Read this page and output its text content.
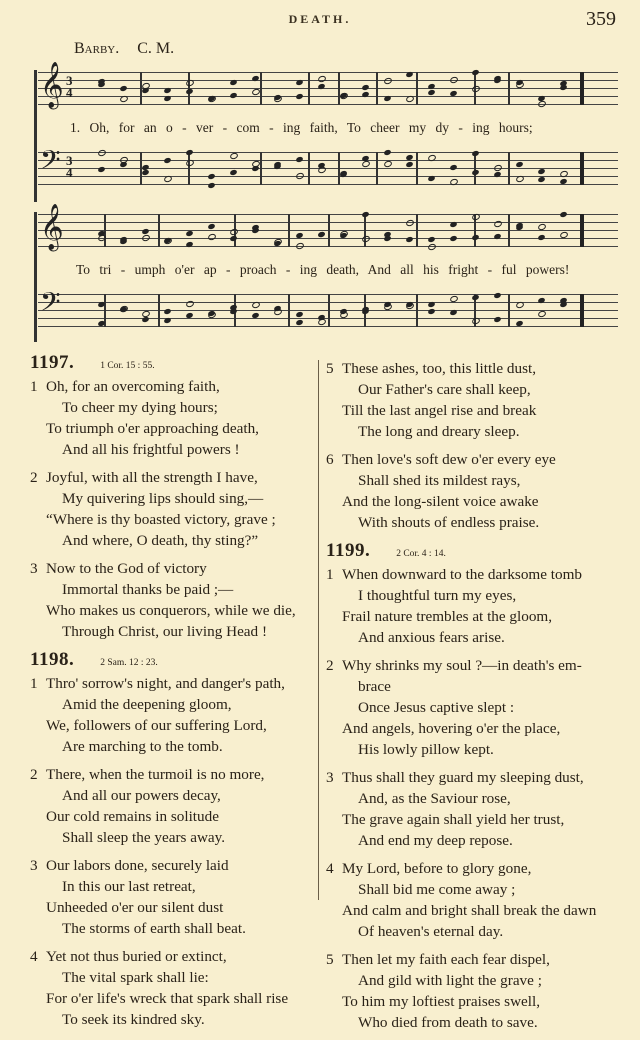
DEATH.	359
Barby. C. M.
𝄞 3
4
1. Oh, for an o - ver - com - ing faith, To cheer my dy - ing hours;
𝄢 3
4
𝄞
To tri - umph o'er ap - proach - ing death, And all his fright - ful powers!
𝄢
1197.	1 Cor. 15 : 55.
1 Oh, for an overcoming faith,
To cheer my dying hours;
To triumph o'er approaching death,
And all his frightful powers !
2 Joyful, with all the strength I have,
My quivering lips should sing,—
“Where is thy boasted victory, grave ;
And where, O death, thy sting?”
3 Now to the God of victory
Immortal thanks be paid ;—
Who makes us conquerors, while we die,
Through Christ, our living Head !
1198.	2 Sam. 12 : 23.
1 Thro' sorrow's night, and danger's path,
Amid the deepening gloom,
We, followers of our suffering Lord,
Are marching to the tomb.
2 There, when the turmoil is no more,
And all our powers decay,
Our cold remains in solitude
Shall sleep the years away.
3 Our labors done, securely laid
In this our last retreat,
Unheeded o'er our silent dust
The storms of earth shall beat.
4 Yet not thus buried or extinct,
The vital spark shall lie:
For o'er life's wreck that spark shall rise
To seek its kindred sky.
5 These ashes, too, this little dust,
Our Father's care shall keep,
Till the last angel rise and break
The long and dreary sleep.
6 Then love's soft dew o'er every eye
Shall shed its mildest rays,
And the long-silent voice awake
With shouts of endless praise.
1199.	2 Cor. 4 : 14.
1 When downward to the darksome tomb
I thoughtful turn my eyes,
Frail nature trembles at the gloom,
And anxious fears arise.
2 Why shrinks my soul ?—in death's em-
brace
Once Jesus captive slept :
And angels, hovering o'er the place,
His lowly pillow kept.
3 Thus shall they guard my sleeping dust,
And, as the Saviour rose,
The grave again shall yield her trust,
And end my deep repose.
4 My Lord, before to glory gone,
Shall bid me come away ;
And calm and bright shall break the dawn
Of heaven's eternal day.
5 Then let my faith each fear dispel,
And gild with light the grave ;
To him my loftiest praises swell,
Who died from death to save.
